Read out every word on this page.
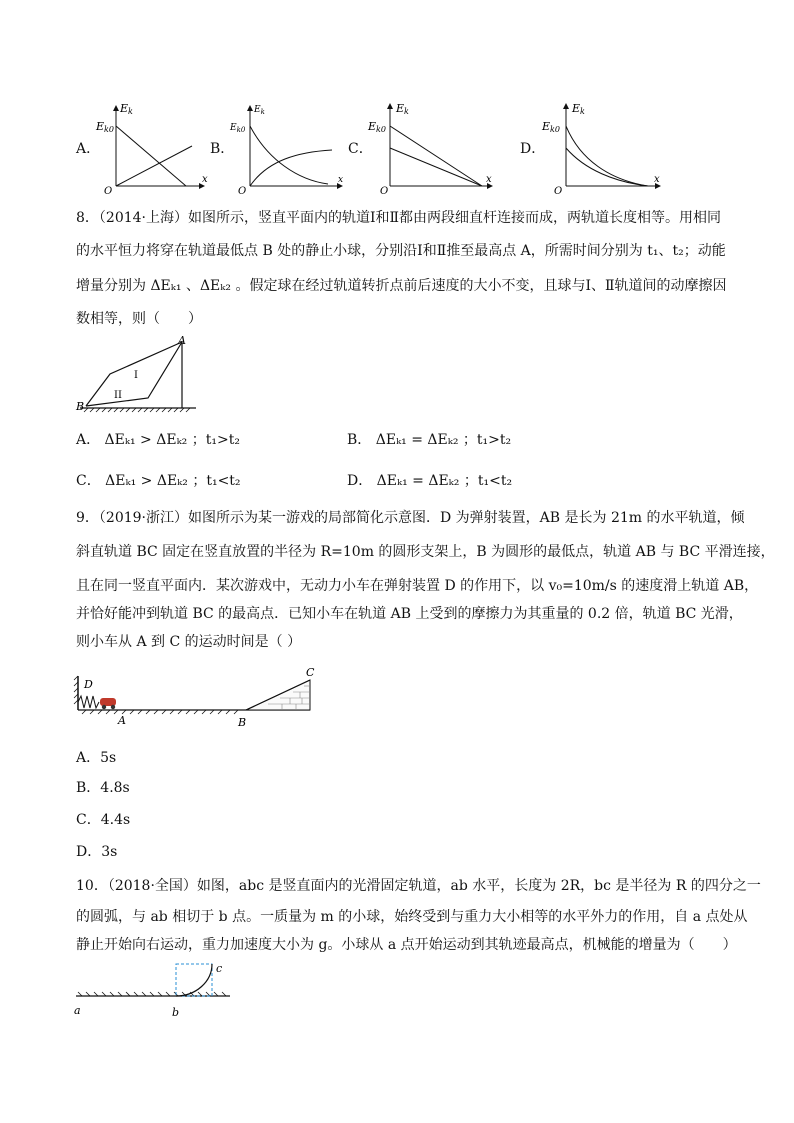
A．
Ek
Ek0
O
x
B．
$E_k$
$E_{k0}$
O
x
C．
Ek
Ek0
O
x
D．
Ek
Ek0
O
x
8．（2014·上海）如图所示，竖直平面内的轨道Ⅰ和Ⅱ都由两段细直杆连接而成，两轨道长度相等。用相同
的水平恒力将穿在轨道最低点 B 处的静止小球，分别沿Ⅰ和Ⅱ推至最高点 A，所需时间分别为 t₁、t₂；动能
增量分别为 ΔEₖ₁ 、ΔEₖ₂ 。假定球在经过轨道转折点前后速度的大小不变，且球与Ⅰ、Ⅱ轨道间的动摩擦因
数相等，则（　　）
A
B
I
II
A． ΔEₖ₁ > ΔEₖ₂ ；t₁>t₂	B． ΔEₖ₁ = ΔEₖ₂ ；t₁>t₂
C． ΔEₖ₁ > ΔEₖ₂ ；t₁<t₂	D． ΔEₖ₁ = ΔEₖ₂ ；t₁<t₂
9．（2019·浙江）如图所示为某一游戏的局部简化示意图．D 为弹射装置，AB 是长为 21m 的水平轨道，倾
斜直轨道 BC 固定在竖直放置的半径为 R=10m 的圆形支架上，B 为圆形的最低点，轨道 AB 与 BC 平滑连接，
且在同一竖直平面内．某次游戏中，无动力小车在弹射装置 D 的作用下，以 v₀=10m/s 的速度滑上轨道 AB，
并恰好能冲到轨道 BC 的最高点．已知小车在轨道 AB 上受到的摩擦力为其重量的 0.2 倍，轨道 BC 光滑，
则小车从 A 到 C 的运动时间是（ ）
D
A	B
C
A．5s
B．4.8s
C．4.4s
D．3s
10．（2018·全国）如图，abc 是竖直面内的光滑固定轨道，ab 水平，长度为 2R，bc 是半径为 R 的四分之一
的圆弧，与 ab 相切于 b 点。一质量为 m 的小球，始终受到与重力大小相等的水平外力的作用，自 a 点处从
静止开始向右运动，重力加速度大小为 g。小球从 a 点开始运动到其轨迹最高点，机械能的增量为（　　）
a	b
c
